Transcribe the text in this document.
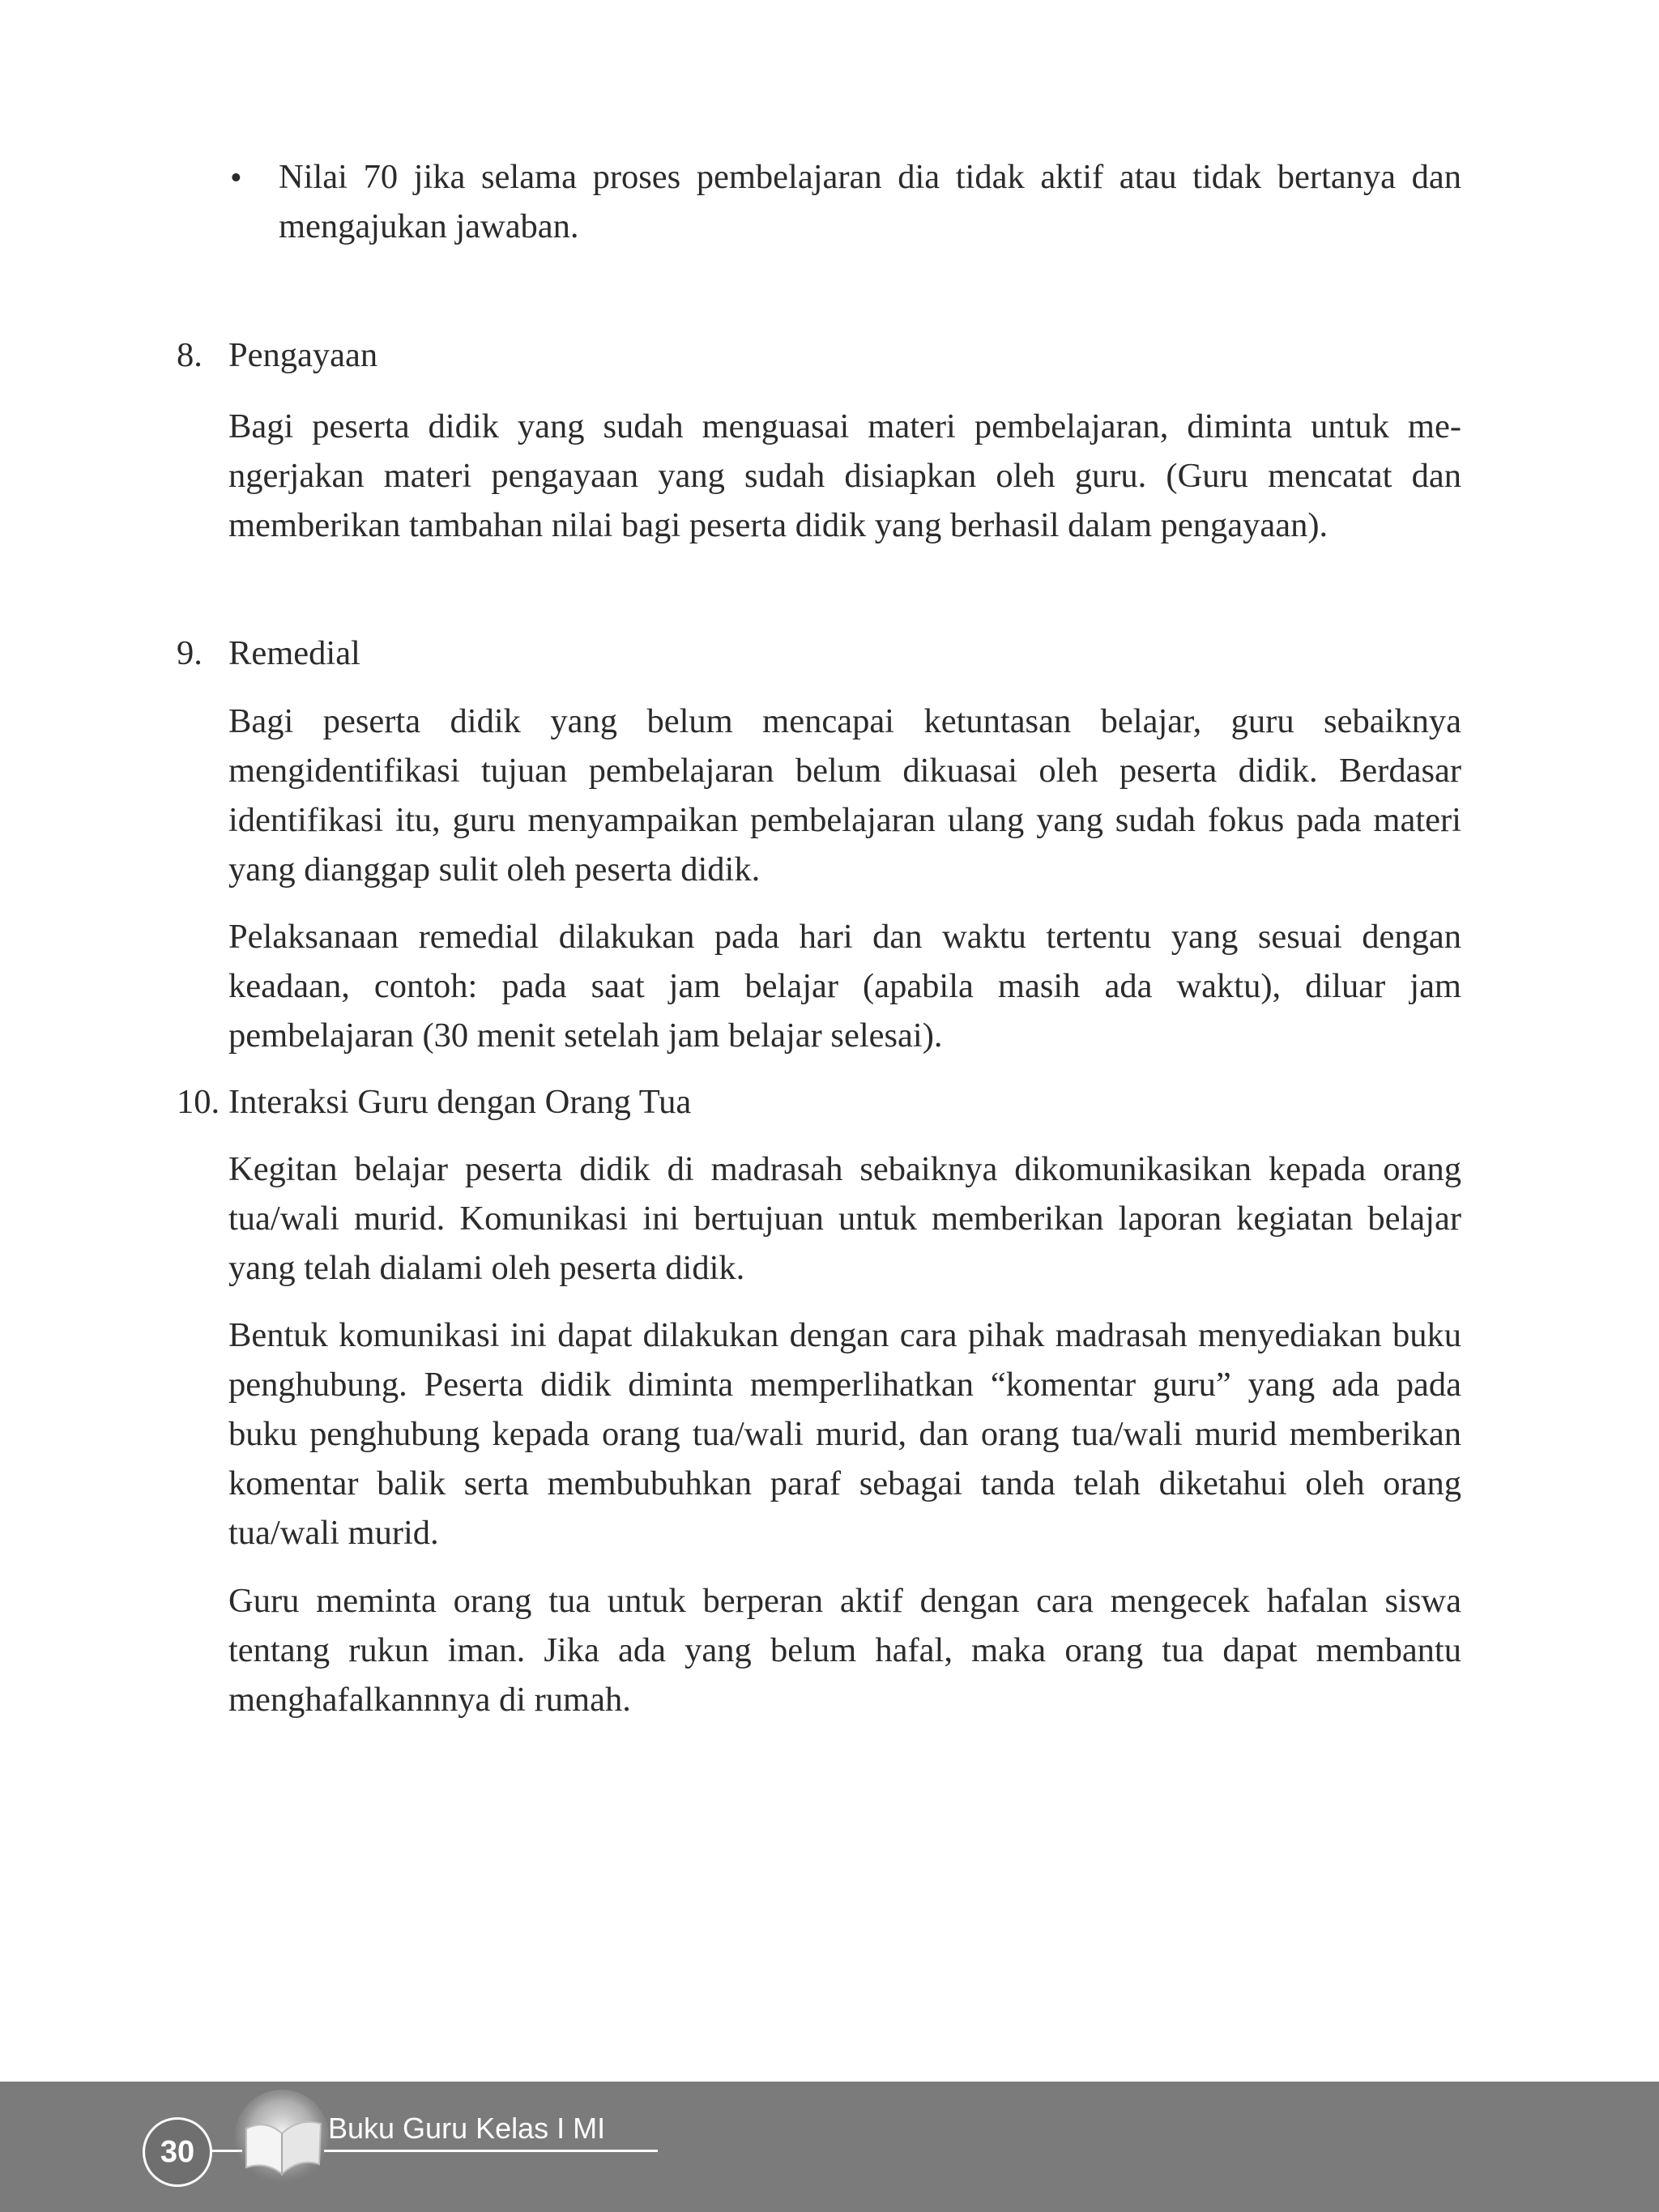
• Nilai 70 jika selama proses pembelajaran dia tidak aktif atau tidak bertanya dan mengajukan jawaban.

8. Pengayaan

Bagi peserta didik yang sudah menguasai materi pembelajaran, diminta untuk mengerjakan materi pengayaan yang sudah disiapkan oleh guru. (Guru mencatat dan memberikan tambahan nilai bagi peserta didik yang berhasil dalam pengayaan).

9. Remedial

Bagi peserta didik yang belum mencapai ketuntasan belajar, guru sebaiknya mengidentifikasi tujuan pembelajaran belum dikuasai oleh peserta didik. Berdasar identifikasi itu, guru menyampaikan pembelajaran ulang yang sudah fokus pada materi yang dianggap sulit oleh peserta didik.

Pelaksanaan remedial dilakukan pada hari dan waktu tertentu yang sesuai dengan keadaan, contoh: pada saat jam belajar (apabila masih ada waktu), diluar jam pembelajaran (30 menit setelah jam belajar selesai).

10. Interaksi Guru dengan Orang Tua

Kegitan belajar peserta didik di madrasah sebaiknya dikomunikasikan kepada orang tua/wali murid. Komunikasi ini bertujuan untuk memberikan laporan kegiatan belajar yang telah dialami oleh peserta didik.

Bentuk komunikasi ini dapat dilakukan dengan cara pihak madrasah menyediakan buku penghubung. Peserta didik diminta memperlihatkan “komentar guru” yang ada pada buku penghubung kepada orang tua/wali murid, dan orang tua/wali murid memberikan komentar balik serta membubuhkan paraf sebagai tanda telah diketahui oleh orang tua/wali murid.

Guru meminta orang tua untuk berperan aktif dengan cara mengecek hafalan siswa tentang rukun iman. Jika ada yang belum hafal, maka orang tua dapat membantu menghafalkannnya di rumah.

30
Buku Guru Kelas I MI
